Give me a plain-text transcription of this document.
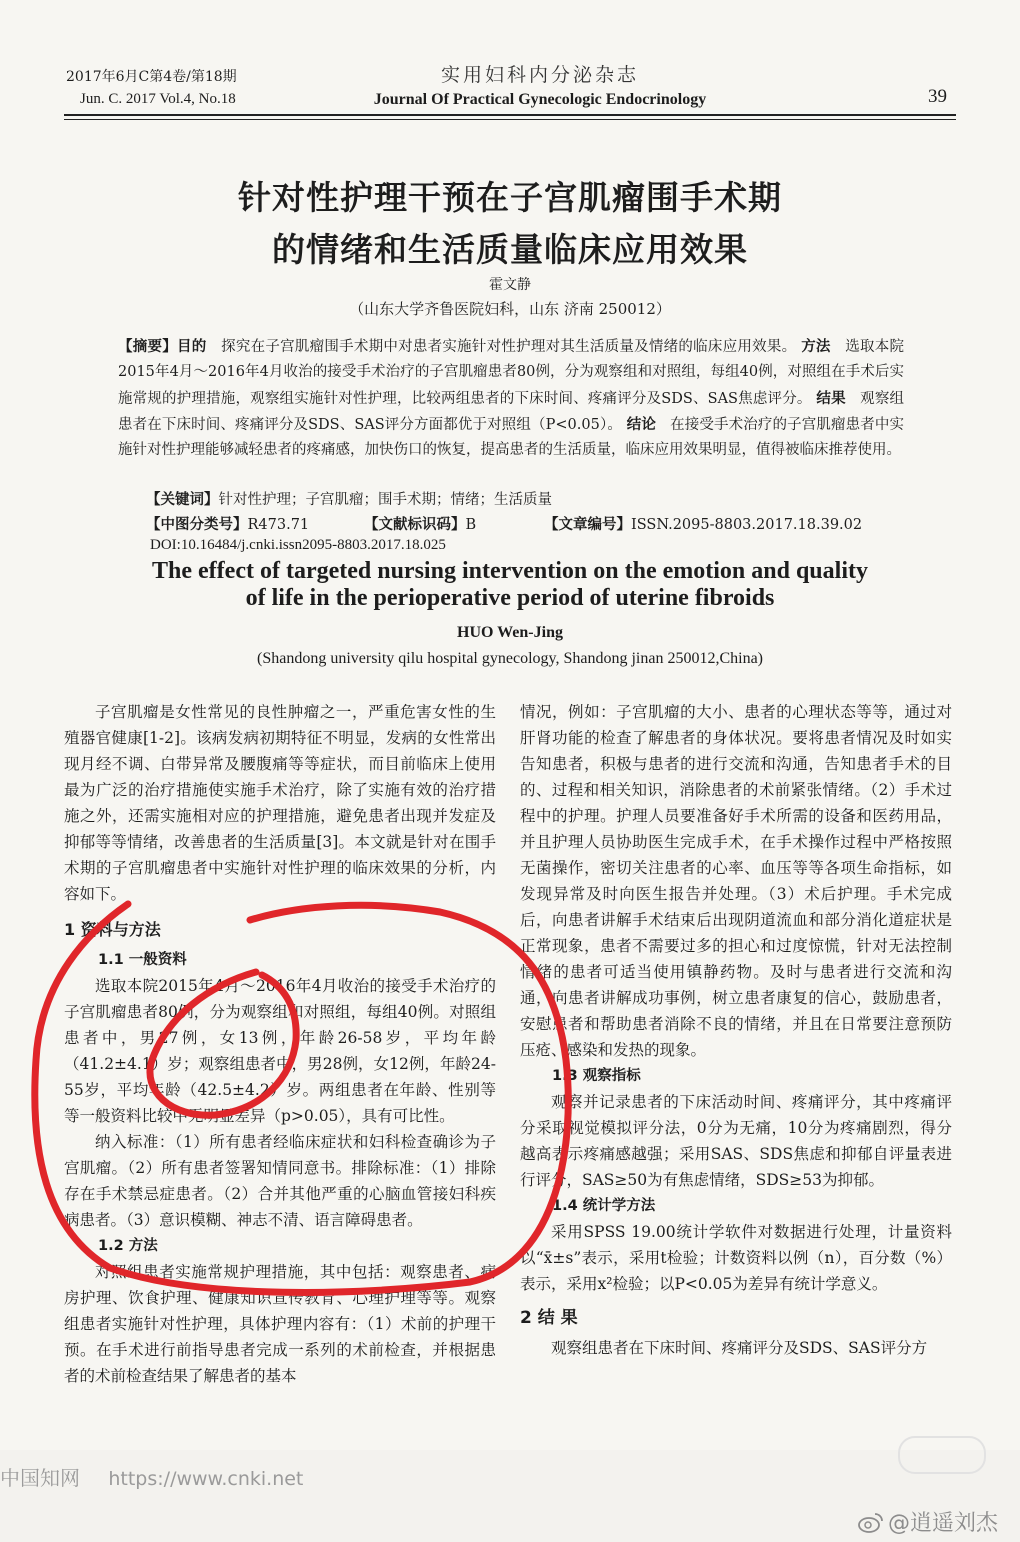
2017年6月C第4卷/第18期
Jun. C. 2017 Vol.4, No.18
实用妇科内分泌杂志
Journal Of Practical Gynecologic Endocrinology	39
针对性护理干预在子宫肌瘤围手术期
的情绪和生活质量临床应用效果
霍文静
（山东大学齐鲁医院妇科，山东 济南 250012）
【摘要】目的 探究在子宫肌瘤围手术期中对患者实施针对性护理对其生活质量及情绪的临床应用效果。 方法 选取本院2015年4月～2016年4月收治的接受手术治疗的子宫肌瘤患者80例，分为观察组和对照组，每组40例，对照组在手术后实施常规的护理措施，观察组实施针对性护理，比较两组患者的下床时间、疼痛评分及SDS、SAS焦虑评分。 结果 观察组患者在下床时间、疼痛评分及SDS、SAS评分方面都优于对照组（P<0.05）。 结论 在接受手术治疗的子宫肌瘤患者中实施针对性护理能够减轻患者的疼痛感，加快伤口的恢复，提高患者的生活质量，临床应用效果明显，值得被临床推荐使用。
【关键词】针对性护理；子宫肌瘤；围手术期；情绪；生活质量
【中图分类号】R473.71	【文献标识码】B	【文章编号】ISSN.2095-8803.2017.18.39.02
DOI:10.16484/j.cnki.issn2095-8803.2017.18.025
The effect of targeted nursing intervention on the emotion and quality
of life in the perioperative period of uterine fibroids
HUO Wen-Jing
(Shandong university qilu hospital gynecology, Shandong jinan 250012,China)

子宫肌瘤是女性常见的良性肿瘤之一，严重危害女性的生殖器官健康[1-2]。该病发病初期特征不明显，发病的女性常出现月经不调、白带异常及腰腹痛等等症状，而目前临床上使用最为广泛的治疗措施使实施手术治疗，除了实施有效的治疗措施之外，还需实施相对应的护理措施，避免患者出现并发症及抑郁等等情绪，改善患者的生活质量[3]。本文就是针对在围手术期的子宫肌瘤患者中实施针对性护理的临床效果的分析，内容如下。

1 资料与方法

1.1 一般资料

选取本院2015年4月～2016年4月收治的接受手术治疗的子宫肌瘤患者80例，分为观察组和对照组，每组40例。对照组患者中，男27例，女13例，年龄26-58岁，平均年龄（41.2±4.1）岁；观察组患者中，男28例，女12例，年龄24-55岁，平均年龄（42.5±4.2）岁。两组患者在年龄、性别等等一般资料比较中无明显差异（p>0.05），具有可比性。

纳入标准：（1）所有患者经临床症状和妇科检查确诊为子宫肌瘤。（2）所有患者签署知情同意书。排除标准：（1）排除存在手术禁忌症患者。（2）合并其他严重的心脑血管接妇科疾病患者。（3）意识模糊、神志不清、语言障碍患者。

1.2 方法

对照组患者实施常规护理措施，其中包括：观察患者、病房护理、饮食护理、健康知识宣传教育、心理护理等等。观察组患者实施针对性护理，具体护理内容有：（1）术前的护理干预。在手术进行前指导患者完成一系列的术前检查，并根据患者的术前检查结果了解患者的基本

情况，例如：子宫肌瘤的大小、患者的心理状态等等，通过对肝肾功能的检查了解患者的身体状况。要将患者情况及时如实告知患者，积极与患者的进行交流和沟通，告知患者手术的目的、过程和相关知识，消除患者的术前紧张情绪。（2）手术过程中的护理。护理人员要准备好手术所需的设备和医药用品，并且护理人员协助医生完成手术，在手术操作过程中严格按照无菌操作，密切关注患者的心率、血压等等各项生命指标，如发现异常及时向医生报告并处理。（3）术后护理。手术完成后，向患者讲解手术结束后出现阴道流血和部分消化道症状是正常现象，患者不需要过多的担心和过度惊慌，针对无法控制情绪的患者可适当使用镇静药物。及时与患者进行交流和沟通，向患者讲解成功事例，树立患者康复的信心，鼓励患者，安慰患者和帮助患者消除不良的情绪，并且在日常要注意预防压疮、感染和发热的现象。

1.3 观察指标

观察并记录患者的下床活动时间、疼痛评分，其中疼痛评分采取视觉模拟评分法，0分为无痛，10分为疼痛剧烈，得分越高表示疼痛感越强；采用SAS、SDS焦虑和抑郁自评量表进行评分，SAS≥50为有焦虑情绪，SDS≥53为抑郁。

1.4 统计学方法

采用SPSS 19.00统计学软件对数据进行处理，计量资料以“x̄±s”表示，采用t检验；计数资料以例（n），百分数（%）表示，采用x²检验；以P<0.05为差异有统计学意义。

2 结 果

观察组患者在下床时间、疼痛评分及SDS、SAS评分方

中国知网 https://www.cnki.net

@逍遥刘杰
